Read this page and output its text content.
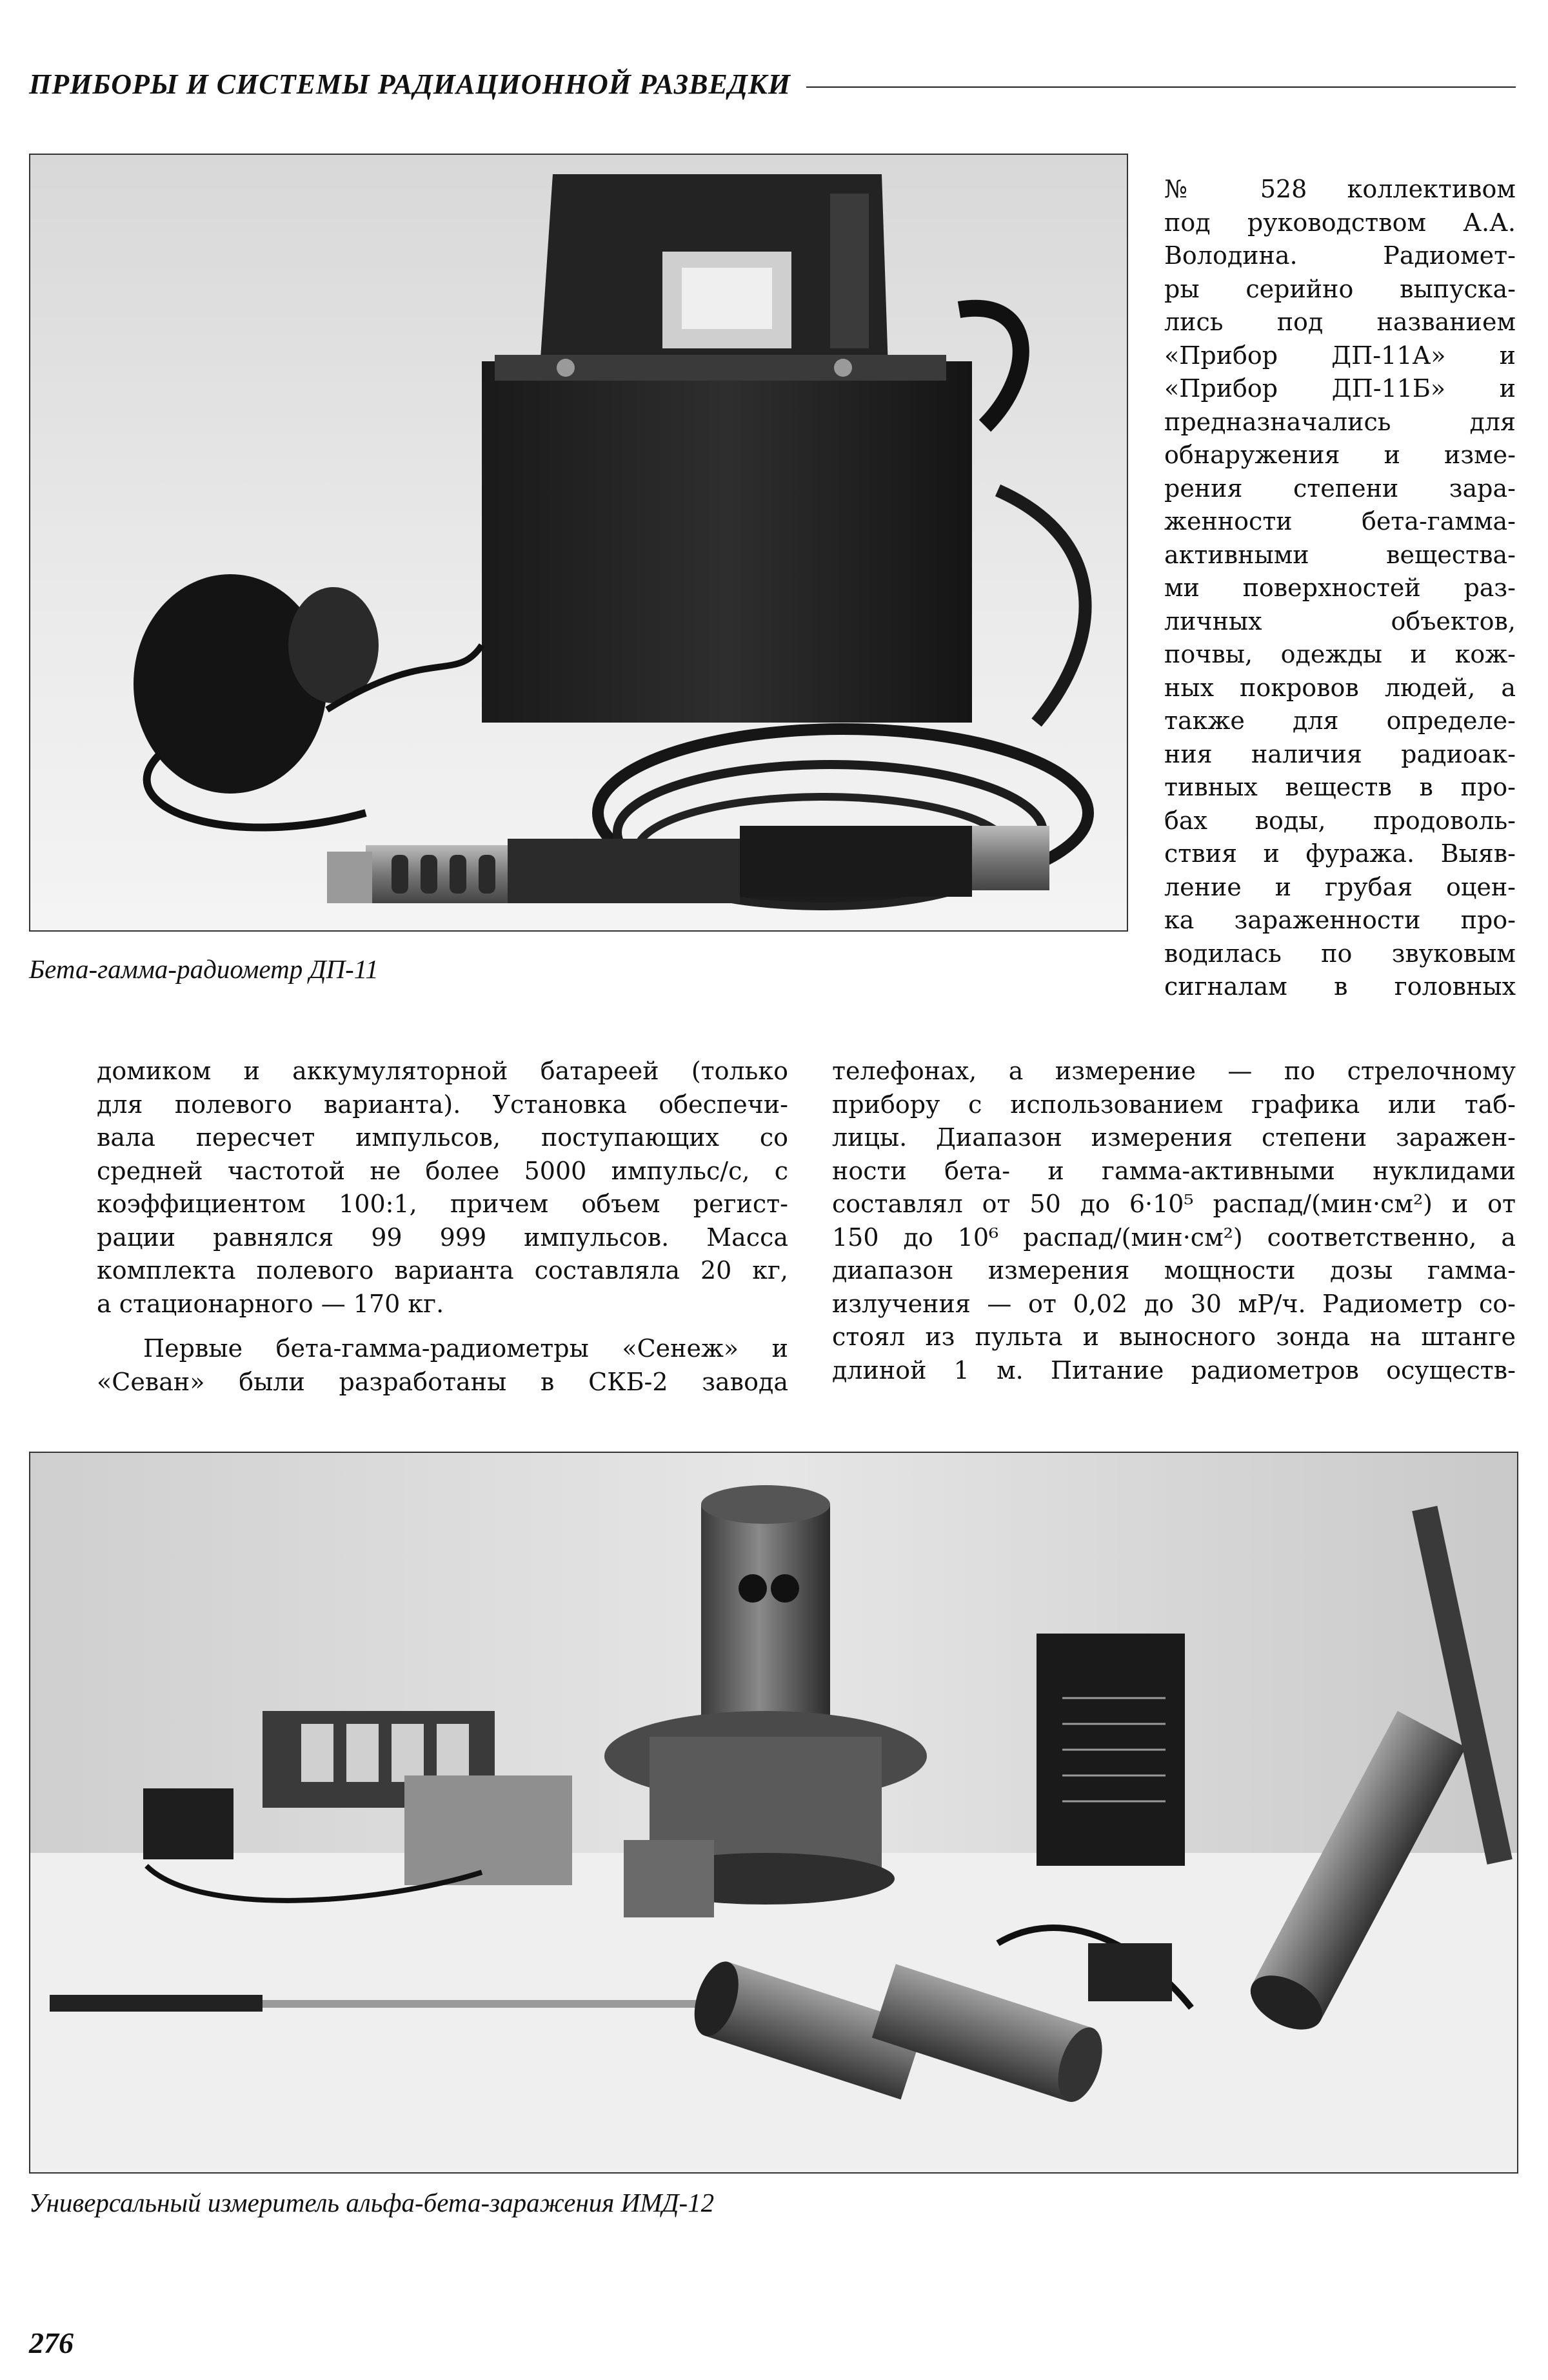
ПРИБОРЫ И СИСТЕМЫ РАДИАЦИОННОЙ РАЗВЕДКИ
Бета-гамма-радиометр ДП-11
№ 528 коллективом
под руководством А.А.
Володина. Радиомет-
ры серийно выпуска-
лись под названием
«Прибор ДП-11А» и
«Прибор ДП-11Б» и
предназначались для
обнаружения и изме-
рения степени зара-
женности бета-гамма-
активными вещества-
ми поверхностей раз-
личных объектов,
почвы, одежды и кож-
ных покровов людей, а
также для определе-
ния наличия радиоак-
тивных веществ в про-
бах воды, продоволь-
ствия и фуража. Выяв-
ление и грубая оцен-
ка зараженности про-
водилась по звуковым
сигналам в головных
домиком и аккумуляторной батареей (только
для полевого варианта). Установка обеспечи-
вала пересчет импульсов, поступающих со
средней частотой не более 5000 импульс/с, с
коэффициентом 100:1, причем объем регист-
рации равнялся 99 999 импульсов. Масса
комплекта полевого варианта составляла 20 кг,
а стационарного — 170 кг.
Первые бета-гамма-радиометры «Сенеж» и
«Севан» были разработаны в СКБ-2 завода
телефонах, а измерение — по стрелочному
прибору с использованием графика или таб-
лицы. Диапазон измерения степени заражен-
ности бета- и гамма-активными нуклидами
составлял от 50 до 6·10⁵ распад/(мин·см²) и от
150 до 10⁶ распад/(мин·см²) соответственно, а
диапазон измерения мощности дозы гамма-
излучения — от 0,02 до 30 мР/ч. Радиометр со-
стоял из пульта и выносного зонда на штанге
длиной 1 м. Питание радиометров осуществ-
Универсальный измеритель альфа-бета-заражения ИМД-12
276
